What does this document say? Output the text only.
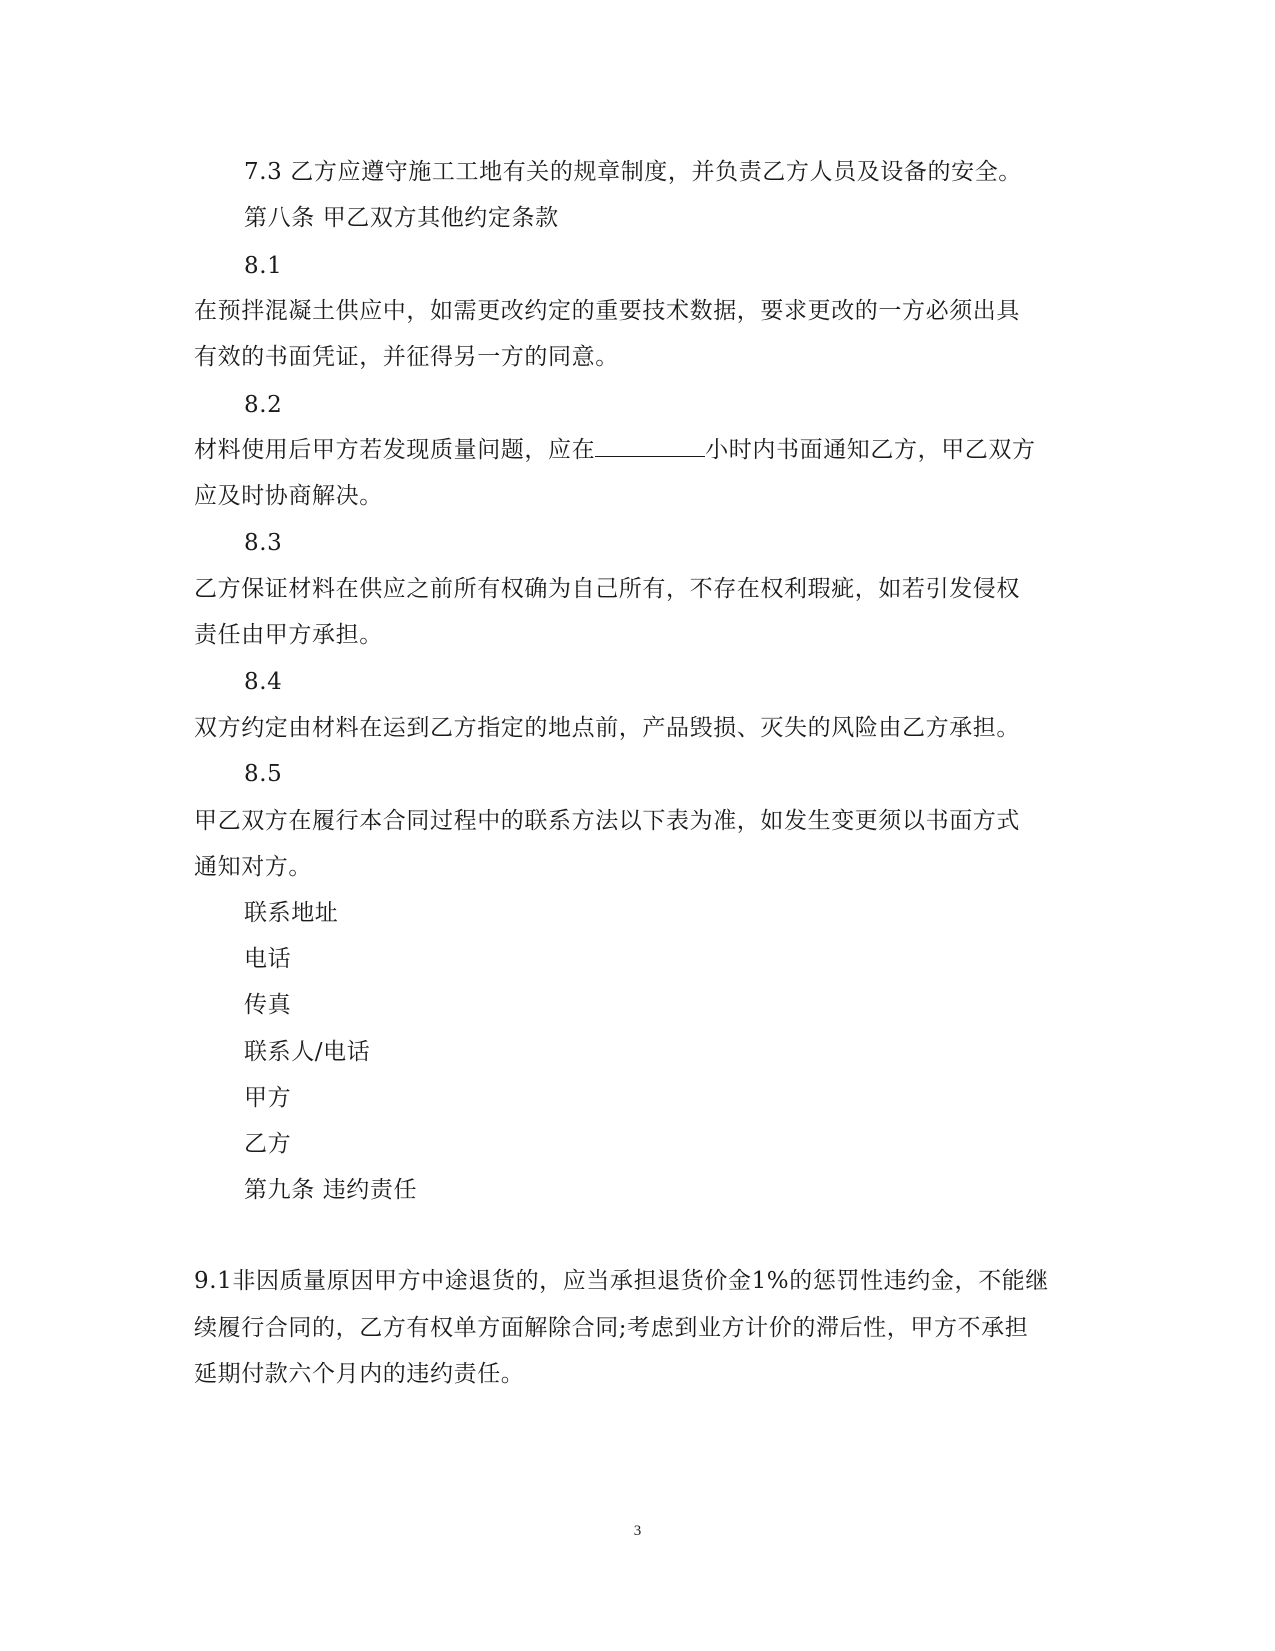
7.3 乙方应遵守施工工地有关的规章制度，并负责乙方人员及设备的安全。
第八条 甲乙双方其他约定条款
8.1
在预拌混凝土供应中，如需更改约定的重要技术数据，要求更改的一方必须出具
有效的书面凭证，并征得另一方的同意。
8.2
材料使用后甲方若发现质量问题，应在	小时内书面通知乙方，甲乙双方
应及时协商解决。
8.3
乙方保证材料在供应之前所有权确为自己所有，不存在权利瑕疵，如若引发侵权
责任由甲方承担。
8.4
双方约定由材料在运到乙方指定的地点前，产品毁损、灭失的风险由乙方承担。
8.5
甲乙双方在履行本合同过程中的联系方法以下表为准，如发生变更须以书面方式
通知对方。
联系地址
电话
传真
联系人/电话
甲方
乙方
第九条 违约责任
9.1非因质量原因甲方中途退货的，应当承担退货价金1%的惩罚性违约金，不能继
续履行合同的，乙方有权单方面解除合同;考虑到业方计价的滞后性，甲方不承担
延期付款六个月内的违约责任。
3
